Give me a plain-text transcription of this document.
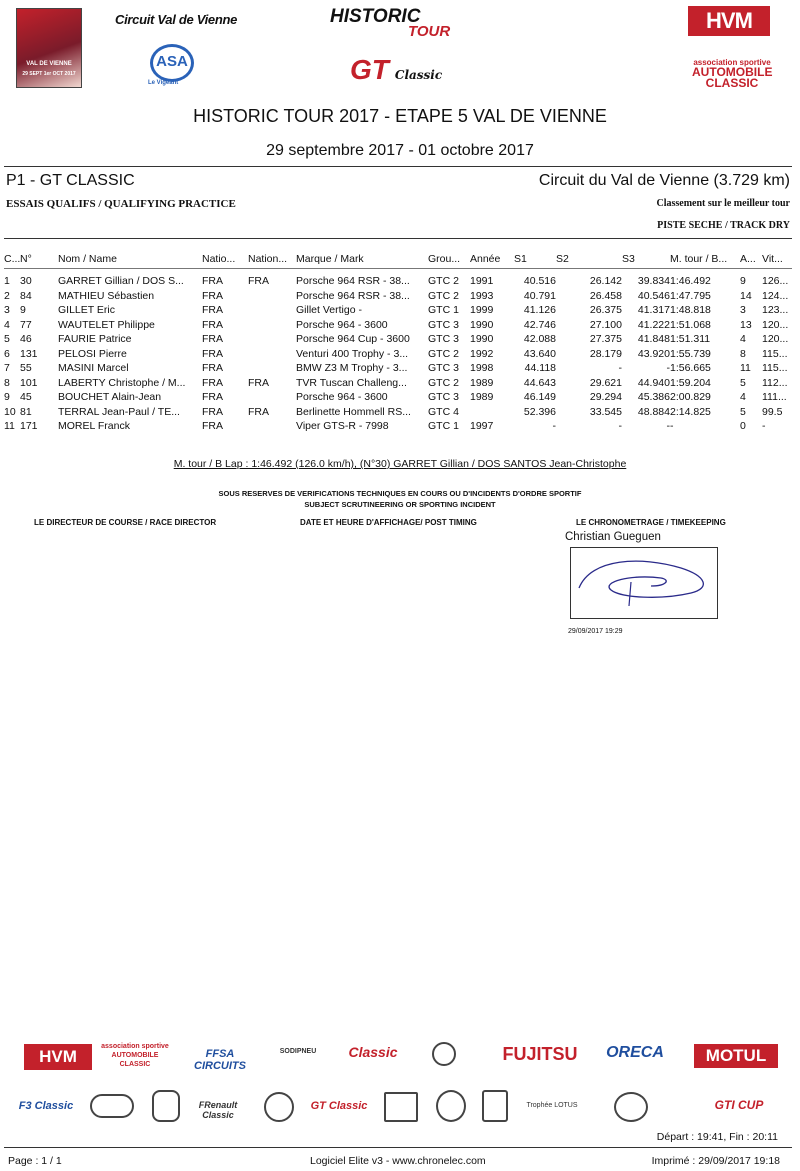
VAL DE VIENNE
29 SEPT 1er OCT 2017
Circuit Val de Vienne	HISTORIC
TOUR
ASA
Le Vigeant	GT Classic
HVM
association sportive
AUTOMOBILE
CLASSIC
HISTORIC TOUR 2017 - ETAPE 5 VAL DE VIENNE
29 septembre 2017 - 01 octobre 2017
P1 - GT CLASSIC	Circuit du Val de Vienne (3.729 km)
ESSAIS QUALIFS / QUALIFYING PRACTICE	Classement sur le meilleur tour
PISTE SECHE / TRACK DRY
C...	N°	Nom / Name	Natio...	Nation...	Marque / Mark	Grou...	Année	S1	S2	S3	M. tour / B...	A...	Vit...

1	30	GARRET Gillian / DOS S...	FRA	FRA	Porsche 964 RSR - 38...	GTC 2	1991	40.516	26.142	39.834	1:46.492	9	126...
2	84	MATHIEU Sébastien	FRA		Porsche 964 RSR - 38...	GTC 2	1993	40.791	26.458	40.546	1:47.795	14	124...
3	9	GILLET Eric	FRA		Gillet Vertigo -	GTC 1	1999	41.126	26.375	41.317	1:48.818	3	123...
4	77	WAUTELET Philippe	FRA		Porsche 964 - 3600	GTC 3	1990	42.746	27.100	41.222	1:51.068	13	120...
5	46	FAURIE Patrice	FRA		Porsche 964 Cup - 3600	GTC 3	1990	42.088	27.375	41.848	1:51.311	4	120...
6	131	PELOSI Pierre	FRA		Venturi 400 Trophy - 3...	GTC 2	1992	43.640	28.179	43.920	1:55.739	8	115...
7	55	MASINI Marcel	FRA		BMW Z3 M Trophy - 3...	GTC 3	1998	44.118	-	-	1:56.665	11	115...
8	101	LABERTY Christophe / M...	FRA	FRA	TVR Tuscan Challeng...	GTC 2	1989	44.643	29.621	44.940	1:59.204	5	112...
9	45	BOUCHET Alain-Jean	FRA		Porsche 964 - 3600	GTC 3	1989	46.149	29.294	45.386	2:00.829	4	111...
10	81	TERRAL Jean-Paul / TE...	FRA	FRA	Berlinette Hommell RS...	GTC 4		52.396	33.545	48.884	2:14.825	5	99.5
11	171	MOREL Franck	FRA		Viper GTS-R - 7998	GTC 1	1997	-	-	-	-	0	-
M. tour / B Lap : 1:46.492 (126.0 km/h), (N°30) GARRET Gillian / DOS SANTOS Jean-Christophe
SOUS RESERVES DE VERIFICATIONS TECHNIQUES EN COURS OU D'INCIDENTS D'ORDRE SPORTIF
SUBJECT SCRUTINEERING OR SPORTING INCIDENT
LE DIRECTEUR DE COURSE / RACE DIRECTOR	DATE ET HEURE D'AFFICHAGE/ POST TIMING	LE CHRONOMETRAGE / TIMEKEEPING
Christian Gueguen
29/09/2017 19:29
HVM
association sportive AUTOMOBILE CLASSIC
FFSA CIRCUITS
SODIPNEU	Classic	FUJITSU	ORECA	MOTUL
F3 Classic	FRenault Classic
GT Classic	Trophée LOTUS	GTI CUP
Départ : 19:41, Fin : 20:11
Page : 1 / 1	Logiciel Elite v3 - www.chronelec.com	Imprimé : 29/09/2017 19:18
